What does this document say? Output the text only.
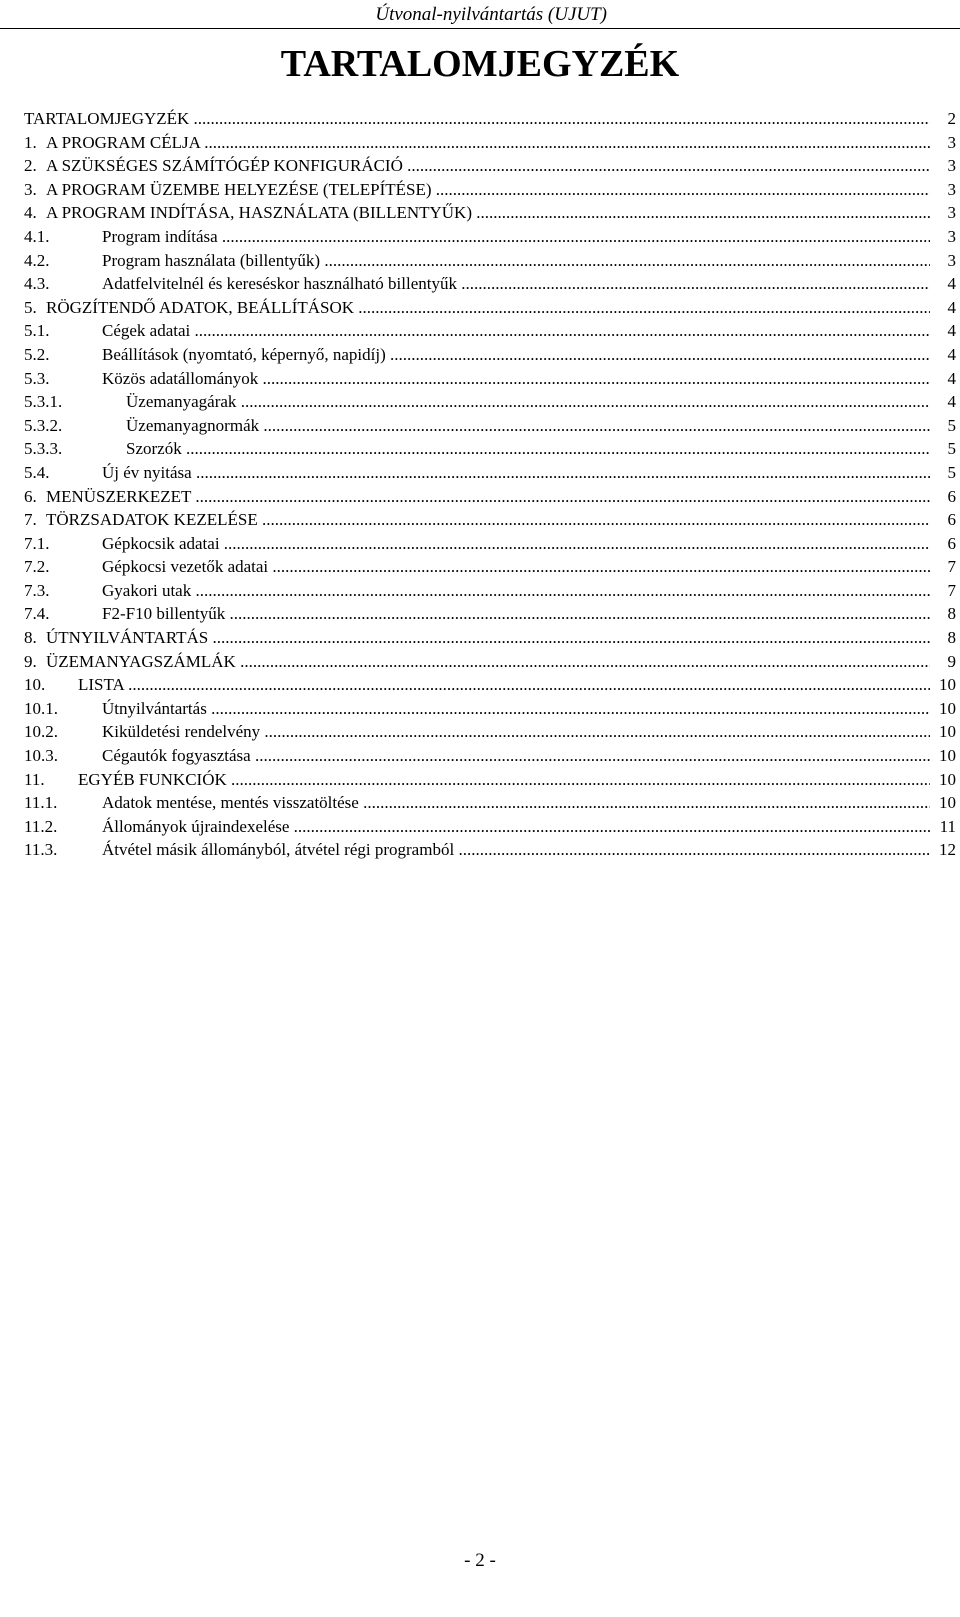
Útvonal-nyilvántartás (UJUT)
TARTALOMJEGYZÉK
TARTALOMJEGYZÉK .....	2
1. A PROGRAM CÉLJA .....	3
2. A SZÜKSÉGES SZÁMÍTÓGÉP KONFIGURÁCIÓ .....	3
3. A PROGRAM ÜZEMBE HELYEZÉSE (TELEPÍTÉSE) .....	3
4. A PROGRAM INDÍTÁSA, HASZNÁLATA (BILLENTYŰK) .....	3
4.1.	Program indítása .....	3
4.2.	Program használata (billentyűk) .....	3
4.3.	Adatfelvitelnél és kereséskor használható billentyűk .....	4
5. RÖGZÍTENDŐ ADATOK, BEÁLLÍTÁSOK .....	4
5.1.	Cégek adatai .....	4
5.2.	Beállítások (nyomtató, képernyő, napidíj) .....	4
5.3.	Közös adatállományok .....	4
5.3.1.	Üzemanyagárak .....	4
5.3.2.	Üzemanyagnormák .....	5
5.3.3.	Szorzók .....	5
5.4.	Új év nyitása .....	5
6. MENÜSZERKEZET .....	6
7. TÖRZSADATOK KEZELÉSE .....	6
7.1.	Gépkocsik adatai .....	6
7.2.	Gépkocsi vezetők adatai .....	7
7.3.	Gyakori utak .....	7
7.4.	F2-F10 billentyűk .....	8
8. ÚTNYILVÁNTARTÁS .....	8
9. ÜZEMANYAGSZÁMLÁK .....	9
10. LISTA .....	10
10.1.	Útnyilvántartás .....	10
10.2.	Kiküldetési rendelvény .....	10
10.3.	Cégautók fogyasztása .....	10
11. EGYÉB FUNKCIÓK .....	10
11.1.	Adatok mentése, mentés visszatöltése .....	10
11.2.	Állományok újraindexelése .....	11
11.3.	Átvétel másik állományból, átvétel régi programból .....	12
- 2 -
